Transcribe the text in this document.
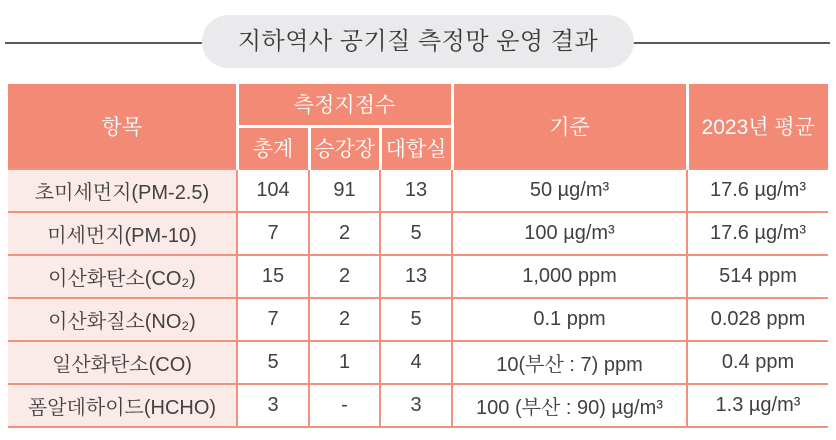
지하역사 공기질 측정망 운영 결과
항목	측정지점수			기준	2023년 평균
	총계	승강장	대합실		
초미세먼지(PM-2.5)	104	91	13	50 µg/m³	17.6 µg/m³
미세먼지(PM-10)	7	2	5	100 µg/m³	17.6 µg/m³
이산화탄소(CO₂)	15	2	13	1,000 ppm	514 ppm
이산화질소(NO₂)	7	2	5	0.1 ppm	0.028 ppm
일산화탄소(CO)	5	1	4	10(부산 : 7) ppm	0.4 ppm
폼알데하이드(HCHO)	3	-	3	100 (부산 : 90) µg/m³	1.3 µg/m³
